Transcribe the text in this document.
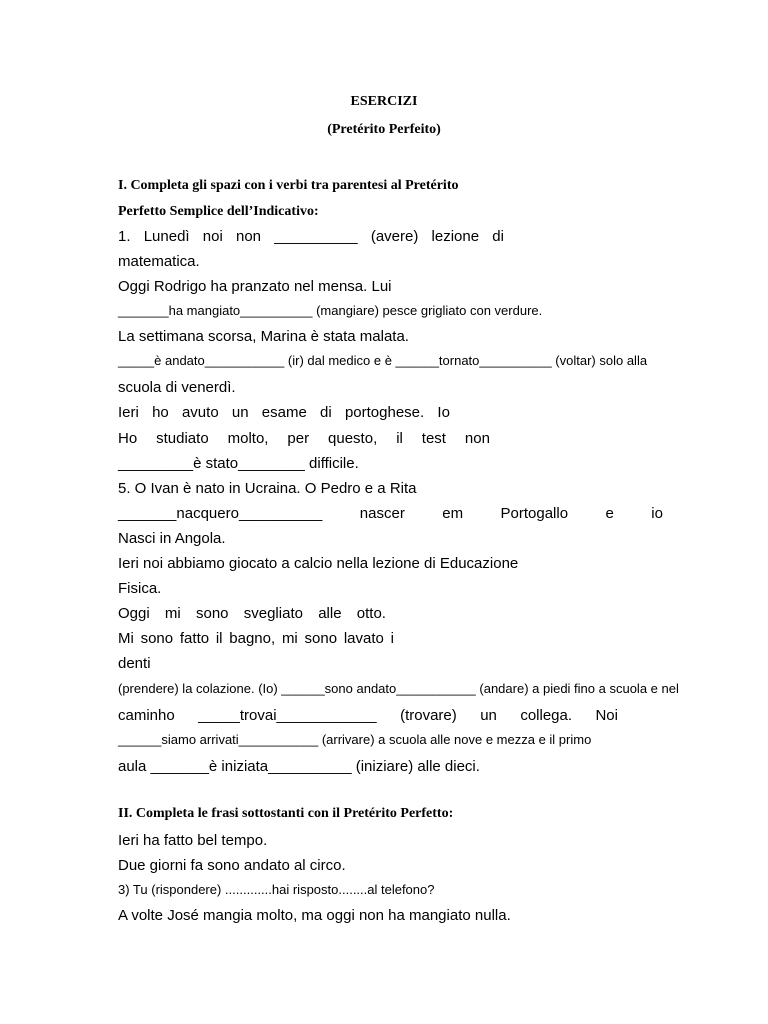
ESERCIZI
(Pretérito Perfeito)
I. Completa gli spazi con i verbi tra parentesi al Pretérito
Perfetto Semplice dell’Indicativo:
1. Lunedì noi non __________ (avere) lezione di
matematica.
Oggi Rodrigo ha pranzato nel mensa. Lui
_______ha mangiato__________ (mangiare) pesce grigliato con verdure.
La settimana scorsa, Marina è stata malata.
_____è andato___________ (ir) dal medico e è ______tornato__________ (voltar) solo alla
scuola di venerdì.
Ieri ho avuto un esame di portoghese. Io
Ho studiato molto, per questo, il test non
_________è stato________ difficile.
5. O Ivan è nato in Ucraina. O Pedro e a Rita
_______nacquero__________ nascer em Portogallo e io
Nasci in Angola.
Ieri noi abbiamo giocato a calcio nella lezione di Educazione
Fisica.
Oggi mi sono svegliato alle otto.
Mi sono fatto il bagno, mi sono lavato i
denti
(prendere) la colazione. (Io) ______sono andato___________ (andare) a piedi fino a scuola e nel
caminho _____trovai____________ (trovare) un collega. Noi
______siamo arrivati___________ (arrivare) a scuola alle nove e mezza e il primo
aula _______è iniziata__________ (iniziare) alle dieci.
II. Completa le frasi sottostanti con il Pretérito Perfetto:
Ieri ha fatto bel tempo.
Due giorni fa sono andato al circo.
3) Tu (rispondere) .............hai risposto........al telefono?
A volte José mangia molto, ma oggi non ha mangiato nulla.
